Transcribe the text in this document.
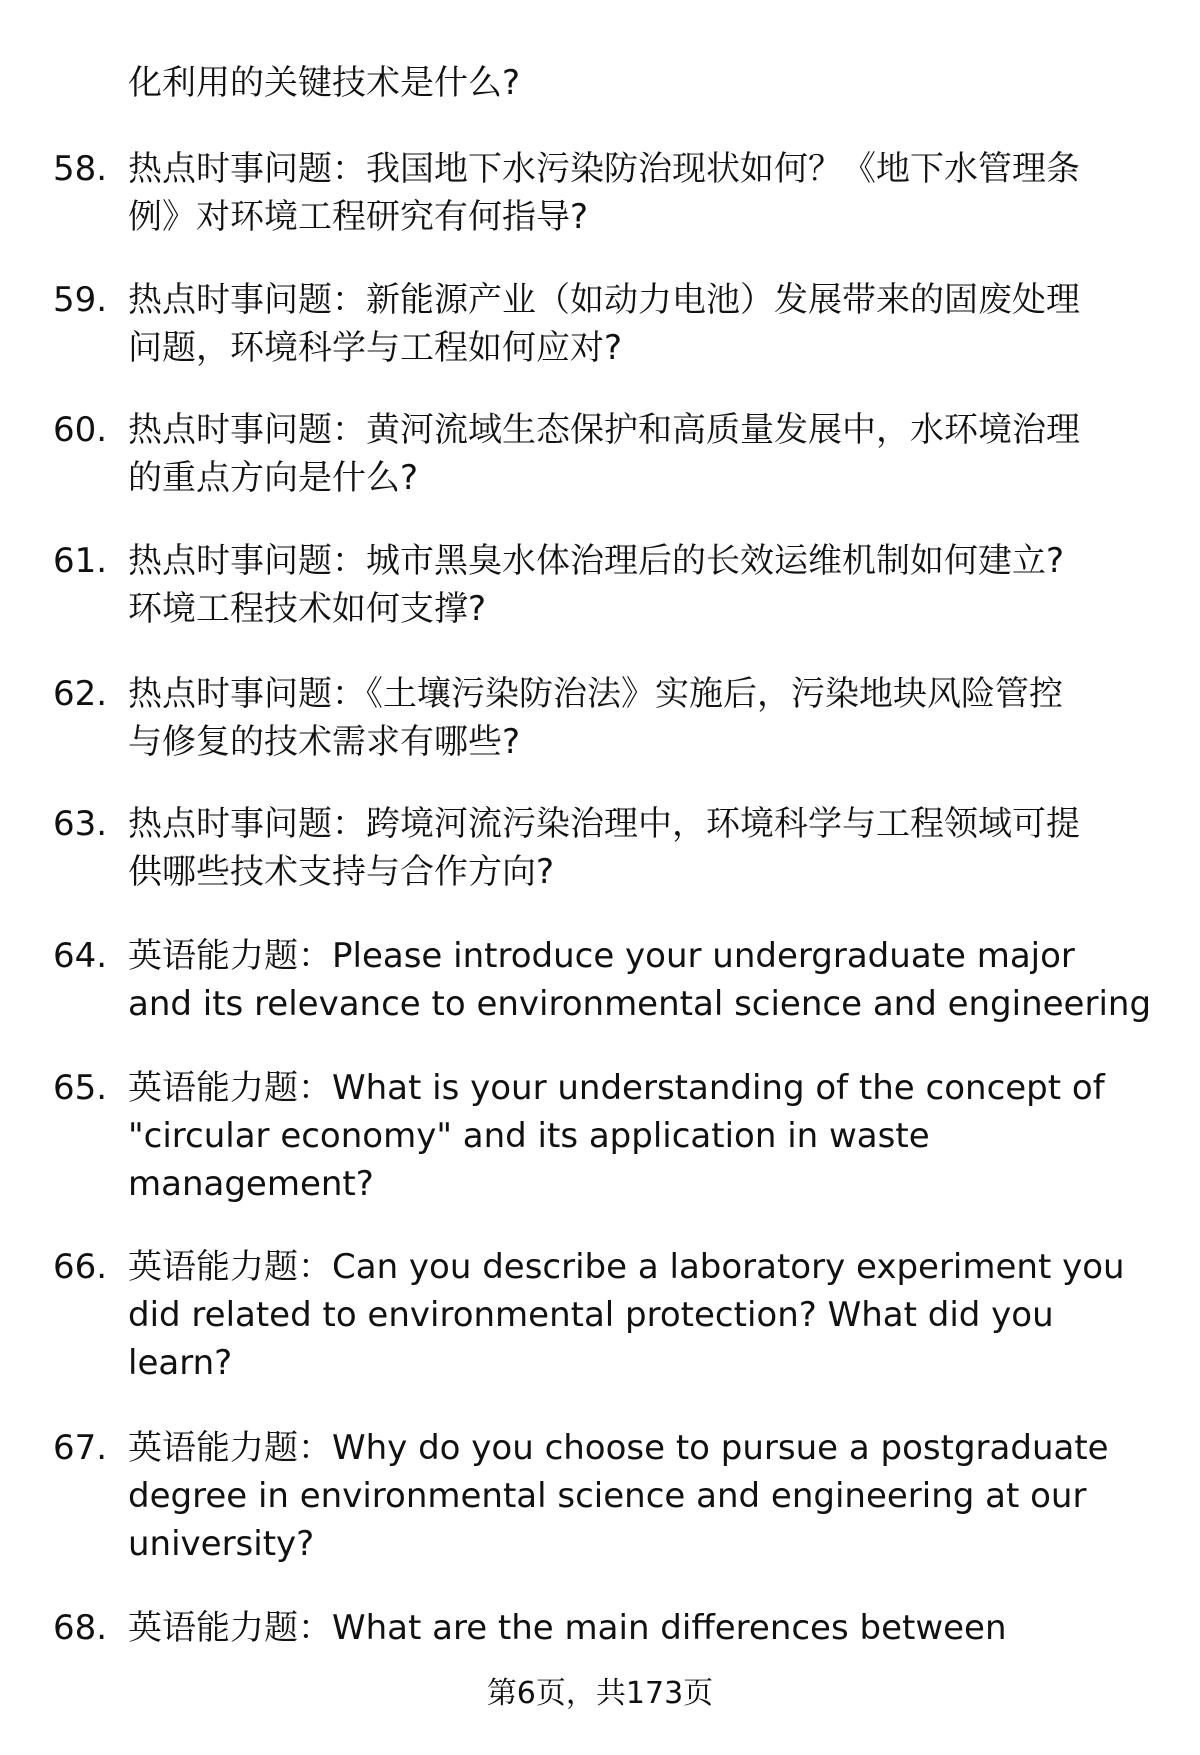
化利用的关键技术是什么?
58. 热点时事问题：我国地下水污染防治现状如何？《地下水管理条
例》对环境工程研究有何指导?
59. 热点时事问题：新能源产业（如动力电池）发展带来的固废处理
问题，环境科学与工程如何应对?
60. 热点时事问题：黄河流域生态保护和高质量发展中，水环境治理
的重点方向是什么?
61. 热点时事问题：城市黑臭水体治理后的长效运维机制如何建立?
环境工程技术如何支撑?
62. 热点时事问题：《土壤污染防治法》实施后，污染地块风险管控
与修复的技术需求有哪些?
63. 热点时事问题：跨境河流污染治理中，环境科学与工程领域可提
供哪些技术支持与合作方向?
64. 英语能力题：Please introduce your undergraduate major
and its relevance to environmental science and engineering
65. 英语能力题：What is your understanding of the concept of
"circular economy" and its application in waste
management?
66. 英语能力题：Can you describe a laboratory experiment you
did related to environmental protection? What did you
learn?
67. 英语能力题：Why do you choose to pursue a postgraduate
degree in environmental science and engineering at our
university?
68. 英语能力题：What are the main differences between
第6页，共173页
